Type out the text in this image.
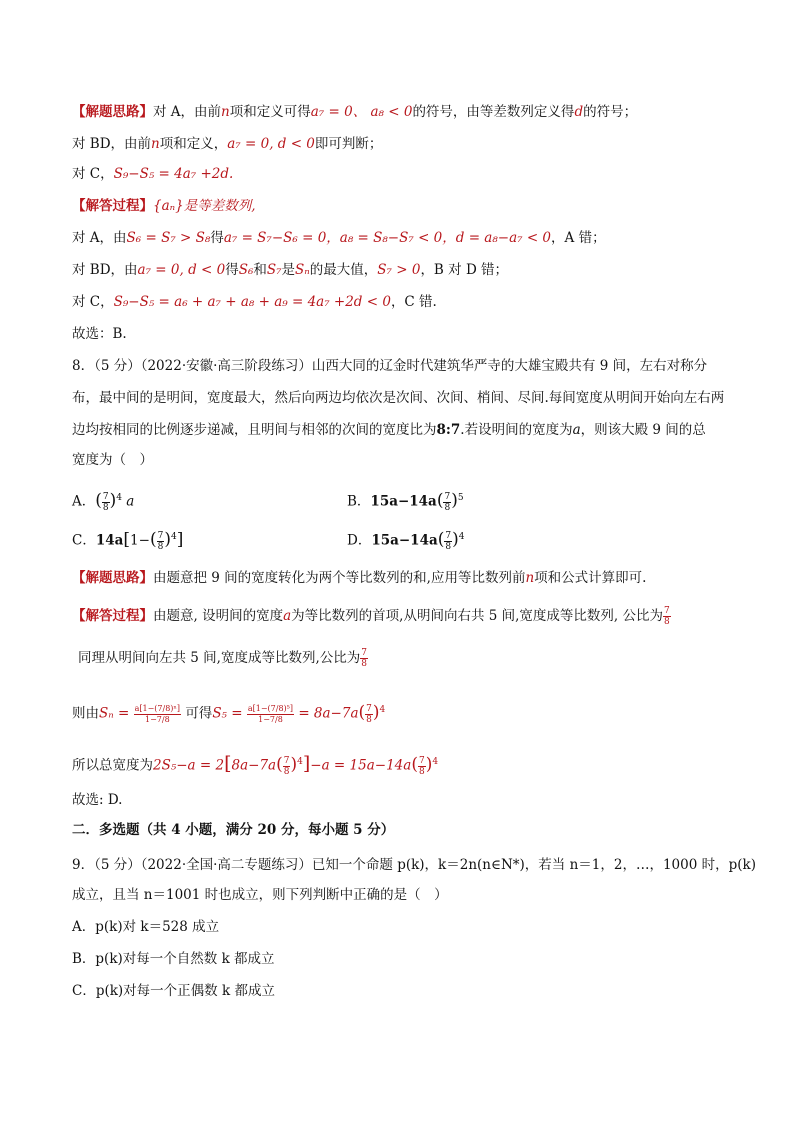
【解题思路】对 A，由前n项和定义可得a₇ = 0、 a₈ < 0的符号，由等差数列定义得d的符号；
对 BD，由前n项和定义，a₇ = 0, d < 0即可判断；
对 C，S₉−S₅ = 4a₇ +2d.
【解答过程】{aₙ}是等差数列,
对 A，由S₆ = S₇ > S₈得a₇ = S₇−S₆ = 0，a₈ = S₈−S₇ < 0，d = a₈−a₇ < 0，A 错；
对 BD，由a₇ = 0, d < 0得S₆和S₇是Sₙ的最大值，S₇ > 0，B 对 D 错；
对 C，S₉−S₅ = a₆ + a₇ + a₈ + a₉ = 4a₇ +2d < 0，C 错.
故选：B.
8．（5 分）（2022·安徽·高三阶段练习）山西大同的辽金时代建筑华严寺的大雄宝殿共有 9 间，左右对称分
布，最中间的是明间，宽度最大，然后向两边均依次是次间、次间、梢间、尽间.每间宽度从明间开始向左右两
边均按相同的比例逐步递减，且明间与相邻的次间的宽度比为8:7.若设明间的宽度为a，则该大殿 9 间的总
宽度为（　）
A．( $\frac{7}{8} )^4$ a	B．$15a-14a( \frac{7}{8} )^5$
C．$14a[1-( \frac{7}{8} )^4]$	D．$15a-14a( \frac{7}{8} )^4$
【解题思路】由题意把 9 间的宽度转化为两个等比数列的和,应用等比数列前n项和公式计算即可.
【解答过程】由题意, 设明间的宽度a为等比数列的首项,从明间向右共 5 间,宽度成等比数列, 公比为 $\frac{7}{8}$
同理从明间向左共 5 间,宽度成等比数列,公比为 $\frac{7}{8}$
则由$S_n = \frac{\text{a[1−(7/8)ⁿ]}}{1-7/8}$ 可得$S_5 = \frac{\text{a[1−(7/8)⁵]}}{1-7/8} = 8a-7a( \frac{7}{8} )^4$
所以总宽度为$2S_5-a = 2[8a-7a( \frac{7}{8} )^4]-a = 15a-14a( \frac{7}{8} )^4$
故选: D.
二．多选题（共 4 小题，满分 20 分，每小题 5 分）
9．（5 分）（2022·全国·高二专题练习）已知一个命题 p(k)，k＝2n(n∈N*)，若当 n＝1，2，…，1000 时，p(k)
成立，且当 n＝1001 时也成立，则下列判断中正确的是（　）
A．p(k)对 k＝528 成立
B．p(k)对每一个自然数 k 都成立
C．p(k)对每一个正偶数 k 都成立
